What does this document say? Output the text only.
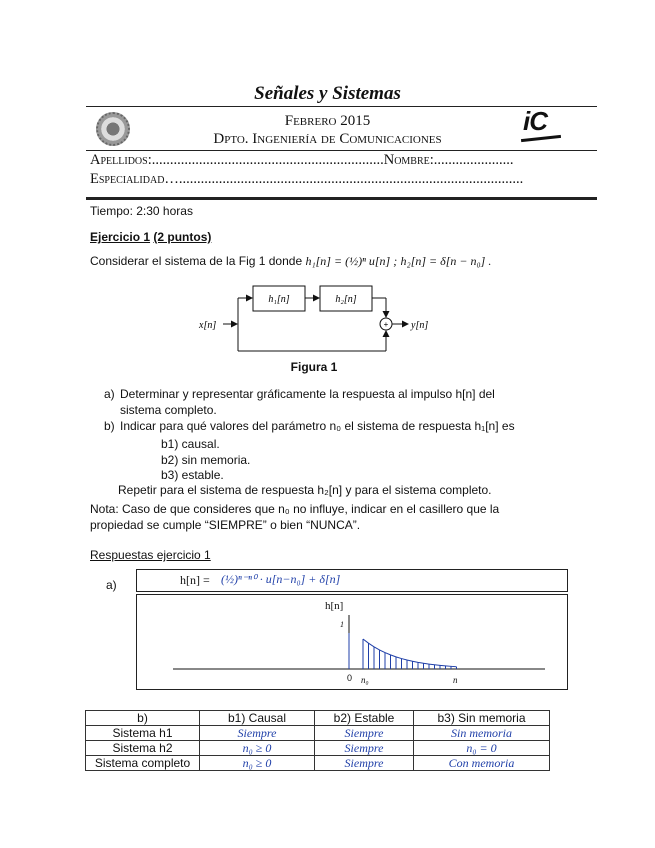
Señales y Sistemas
Febrero 2015
Dpto. Ingeniería de Comunicaciones
iC
Apellidos:................................................................Nombre:......................
Especialidad…...............................................................................................
Tiempo: 2:30 horas
Ejercicio 1 (2 puntos)
Considerar el sistema de la Fig 1 donde h₁[n] = (½)ⁿ u[n] ; h₂[n] = δ[n − n₀] .
x[n]
h₁[n]	h₂[n]
+ y[n]
Figura 1
a) Determinar y representar gráficamente la respuesta al impulso h[n] del
sistema completo.
b) Indicar para qué valores del parámetro n₀ el sistema de respuesta h₁[n] es
b1) causal.
b2) sin memoria.
b3) estable.
Repetir para el sistema de respuesta h₂[n] y para el sistema completo.
Nota: Caso de que consideres que n₀ no influye, indicar en el casillero que la
propiedad se cumple “SIEMPRE” o bien “NUNCA”.
Respuestas ejercicio 1
a)	h[n] = (½)ⁿ⁻ⁿ⁰ · u[n−n₀] + δ[n]
h[n]
1
0 n₀	n
b)	b1) Causal	b2) Estable	b3) Sin memoria
Sistema h1	Siempre	Siempre	Sin memoria
Sistema h2	n₀ ≥ 0	Siempre	n₀ = 0
Sistema completo	n₀ ≥ 0	Siempre	Con memoria
